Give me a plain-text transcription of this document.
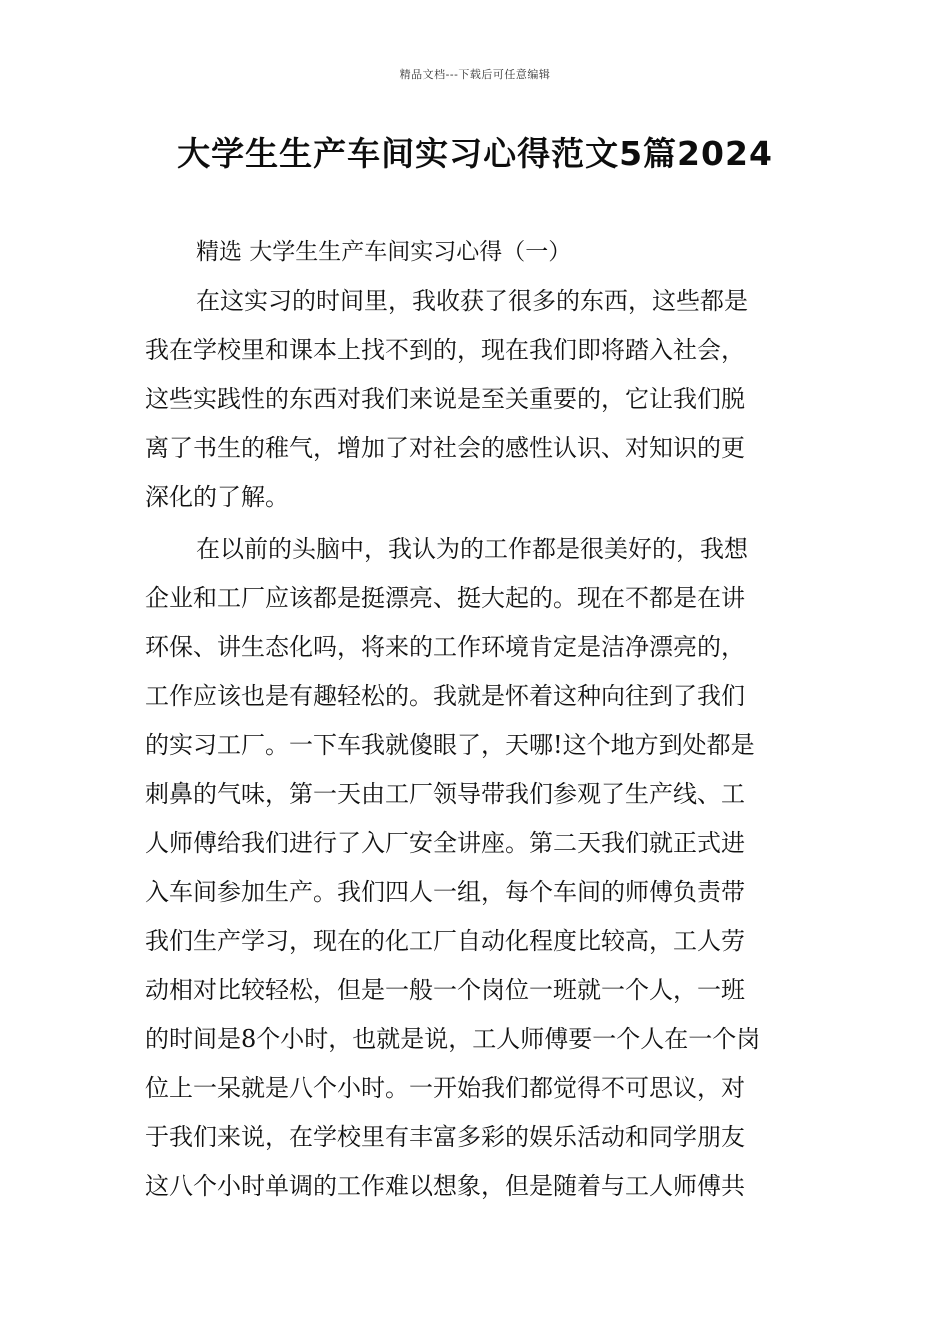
精品文档---下载后可任意编辑
大学生生产车间实习心得范文5篇2024
精选 大学生生产车间实习心得（一）
在这实习的时间里，我收获了很多的东西，这些都是
我在学校里和课本上找不到的，现在我们即将踏入社会，
这些实践性的东西对我们来说是至关重要的，它让我们脱
离了书生的稚气，增加了对社会的感性认识、对知识的更
深化的了解。
在以前的头脑中，我认为的工作都是很美好的，我想
企业和工厂应该都是挺漂亮、挺大起的。现在不都是在讲
环保、讲生态化吗，将来的工作环境肯定是洁净漂亮的，
工作应该也是有趣轻松的。我就是怀着这种向往到了我们
的实习工厂。一下车我就傻眼了，天哪!这个地方到处都是
刺鼻的气味，第一天由工厂领导带我们参观了生产线、工
人师傅给我们进行了入厂安全讲座。第二天我们就正式进
入车间参加生产。我们四人一组，每个车间的师傅负责带
我们生产学习，现在的化工厂自动化程度比较高，工人劳
动相对比较轻松，但是一般一个岗位一班就一个人，一班
的时间是8个小时，也就是说，工人师傅要一个人在一个岗
位上一呆就是八个小时。一开始我们都觉得不可思议，对
于我们来说，在学校里有丰富多彩的娱乐活动和同学朋友
这八个小时单调的工作难以想象，但是随着与工人师傅共
